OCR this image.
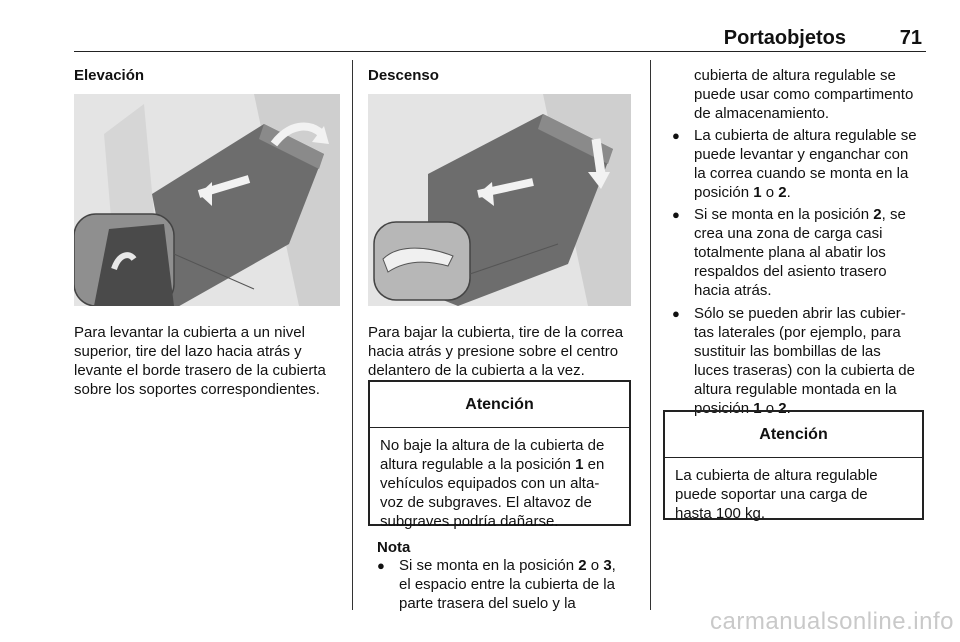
Portaobjetos	71
Elevación
Para levantar la cubierta a un nivel
superior, tire del lazo hacia atrás y
levante el borde trasero de la cubierta
sobre los soportes correspondientes.
Descenso
Para bajar la cubierta, tire de la correa
hacia atrás y presione sobre el centro
delantero de la cubierta a la vez.
Atención
No baje la altura de la cubierta de
altura regulable a la posición 1 en
vehículos equipados con un alta-
voz de subgraves. El altavoz de
subgraves podría dañarse.
Nota
● Si se monta en la posición 2 o 3,
el espacio entre la cubierta de la
parte trasera del suelo y la
cubierta de altura regulable se
puede usar como compartimento
de almacenamiento.
● La cubierta de altura regulable se
puede levantar y enganchar con
la correa cuando se monta en la
posición 1 o 2.
● Si se monta en la posición 2, se
crea una zona de carga casi
totalmente plana al abatir los
respaldos del asiento trasero
hacia atrás.
● Sólo se pueden abrir las cubier-
tas laterales (por ejemplo, para
sustituir las bombillas de las
luces traseras) con la cubierta de
altura regulable montada en la
posición 1 o 2.
Atención
La cubierta de altura regulable
puede soportar una carga de
hasta 100 kg.
carmanualsonline.info
